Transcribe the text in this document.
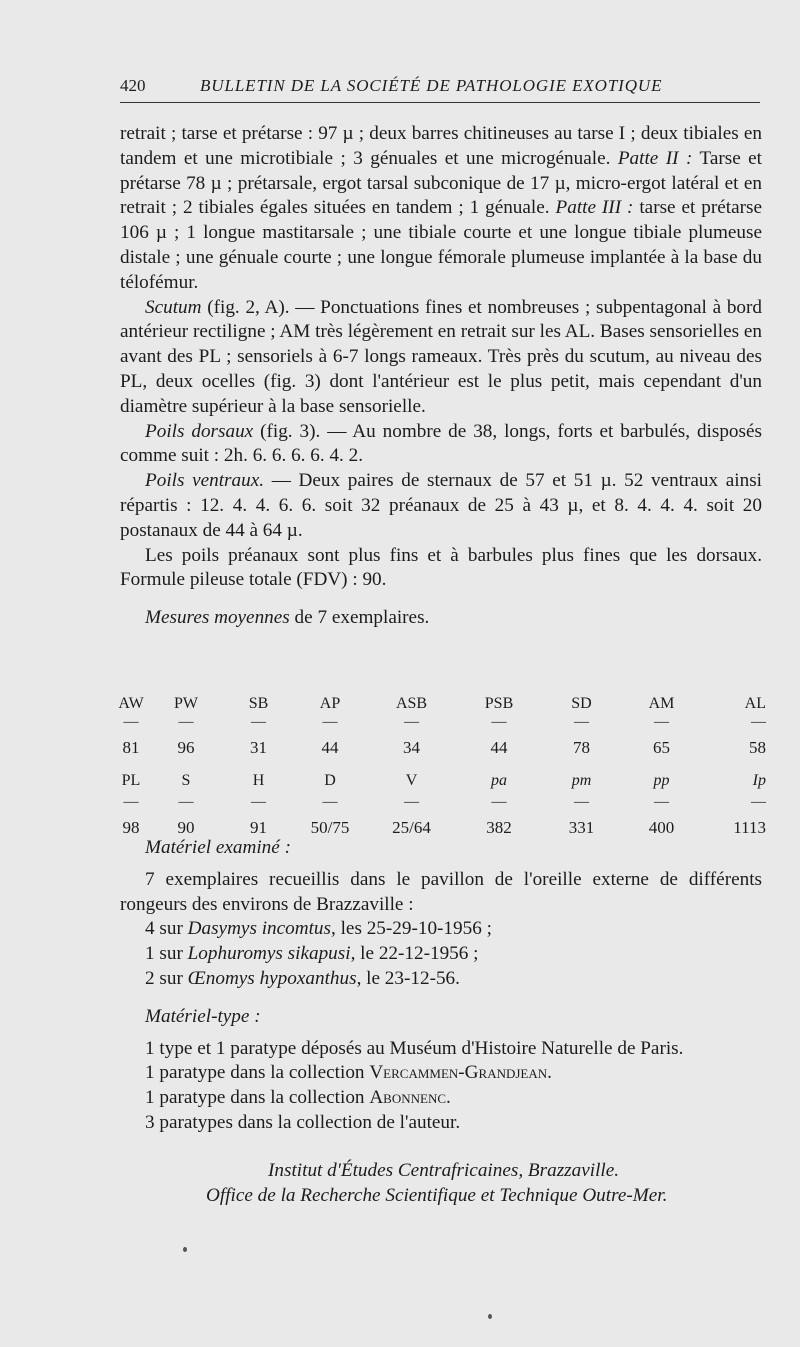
420	BULLETIN DE LA SOCIÉTÉ DE PATHOLOGIE EXOTIQUE

retrait ; tarse et prétarse : 97 µ ; deux barres chitineuses au tarse I ; deux tibiales en tandem et une microtibiale ; 3 génuales et une microgénuale. Patte II : Tarse et prétarse 78 µ ; prétarsale, ergot tarsal subconique de 17 µ, micro-ergot latéral et en retrait ; 2 tibiales égales situées en tandem ; 1 génuale. Patte III : tarse et prétarse 106 µ ; 1 longue mastitarsale ; une tibiale courte et une longue tibiale plumeuse distale ; une génuale courte ; une longue fémorale plumeuse implantée à la base du télofémur.

Scutum (fig. 2, A). — Ponctuations fines et nombreuses ; subpentagonal à bord antérieur rectiligne ; AM très légèrement en retrait sur les AL. Bases sensorielles en avant des PL ; sensoriels à 6-7 longs rameaux. Très près du scutum, au niveau des PL, deux ocelles (fig. 3) dont l'antérieur est le plus petit, mais cependant d'un diamètre supérieur à la base sensorielle.

Poils dorsaux (fig. 3). — Au nombre de 38, longs, forts et barbulés, disposés comme suit : 2h. 6. 6. 6. 6. 4. 2.

Poils ventraux. — Deux paires de sternaux de 57 et 51 µ. 52 ventraux ainsi répartis : 12. 4. 4. 6. 6. soit 32 préanaux de 25 à 43 µ, et 8. 4. 4. 4. soit 20 postanaux de 44 à 64 µ.

Les poils préanaux sont plus fins et à barbules plus fines que les dorsaux. Formule pileuse totale (FDV) : 90.

Mesures moyennes de 7 exemplaires.

AW	PW	SB	AP	ASB	PSB	SD	AM	AL
—	—	—	—	—	—	—	—	—
81	96	31	44	34	44	78	65	58
PL	S	H	D	V	pa	pm	pp	Ip
—	—	—	—	—	—	—	—	—
98	90	91	50/75	25/64	382	331	400	1113

Matériel examiné :

7 exemplaires recueillis dans le pavillon de l'oreille externe de différents rongeurs des environs de Brazzaville :

4 sur Dasymys incomtus, les 25-29-10-1956 ;

1 sur Lophuromys sikapusi, le 22-12-1956 ;

2 sur Œnomys hypoxanthus, le 23-12-56.

Matériel-type :

1 type et 1 paratype déposés au Muséum d'Histoire Naturelle de Paris.

1 paratype dans la collection Vercammen-Grandjean.

1 paratype dans la collection Abonnenc.

3 paratypes dans la collection de l'auteur.

Institut d'Études Centrafricaines, Brazzaville.
Office de la Recherche Scientifique et Technique Outre-Mer.
